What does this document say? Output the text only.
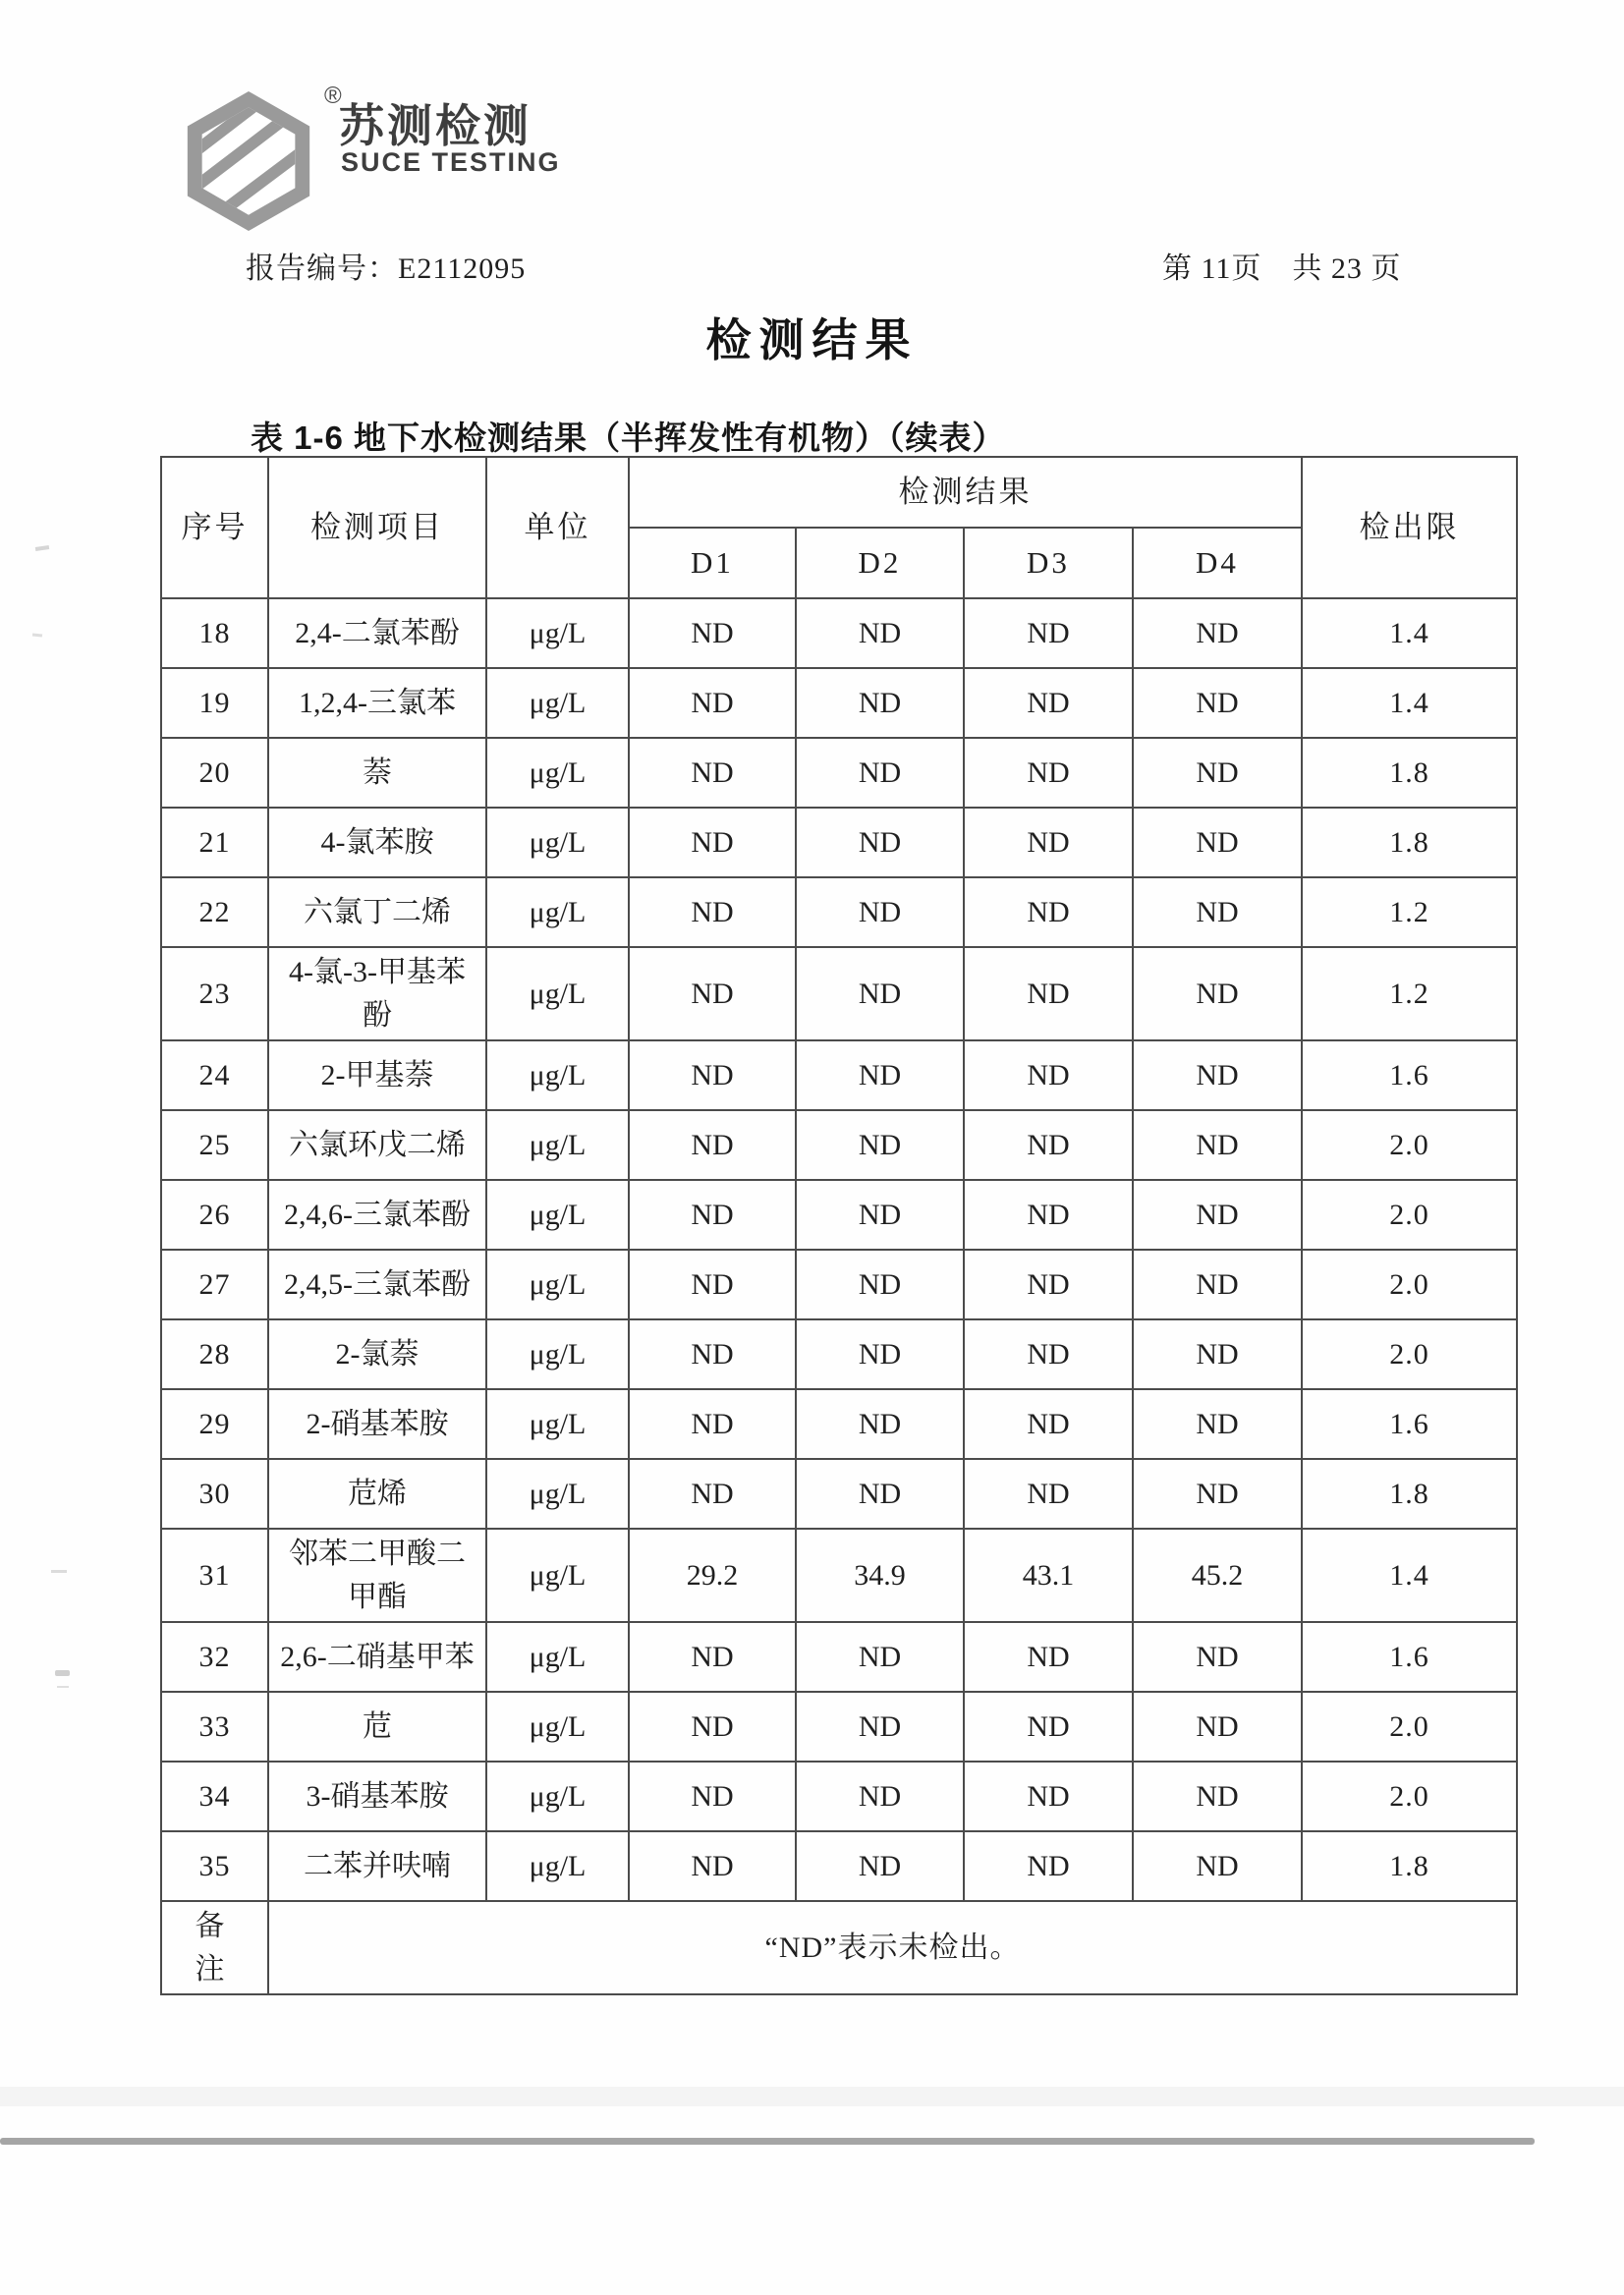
®
苏测检测
SUCE TESTING
报告编号：E2112095	第 11页　共 23 页
检测结果
表 1-6 地下水检测结果（半挥发性有机物）（续表）
序号	检测项目	单位	检测结果				检出限
			D1	D2	D3	D4	
18	2,4-二氯苯酚	μg/L	ND	ND	ND	ND	1.4
19	1,2,4-三氯苯	μg/L	ND	ND	ND	ND	1.4
20	萘	μg/L	ND	ND	ND	ND	1.8
21	4-氯苯胺	μg/L	ND	ND	ND	ND	1.8
22	六氯丁二烯	μg/L	ND	ND	ND	ND	1.2
23	4-氯-3-甲基苯酚	μg/L	ND	ND	ND	ND	1.2
24	2-甲基萘	μg/L	ND	ND	ND	ND	1.6
25	六氯环戊二烯	μg/L	ND	ND	ND	ND	2.0
26	2,4,6-三氯苯酚	μg/L	ND	ND	ND	ND	2.0
27	2,4,5-三氯苯酚	μg/L	ND	ND	ND	ND	2.0
28	2-氯萘	μg/L	ND	ND	ND	ND	2.0
29	2-硝基苯胺	μg/L	ND	ND	ND	ND	1.6
30	苊烯	μg/L	ND	ND	ND	ND	1.8
31	邻苯二甲酸二甲酯	μg/L	29.2	34.9	43.1	45.2	1.4
32	2,6-二硝基甲苯	μg/L	ND	ND	ND	ND	1.6
33	苊	μg/L	ND	ND	ND	ND	2.0
34	3-硝基苯胺	μg/L	ND	ND	ND	ND	2.0
35	二苯并呋喃	μg/L	ND	ND	ND	ND	1.8
备 注	“ND”表示未检出。						
